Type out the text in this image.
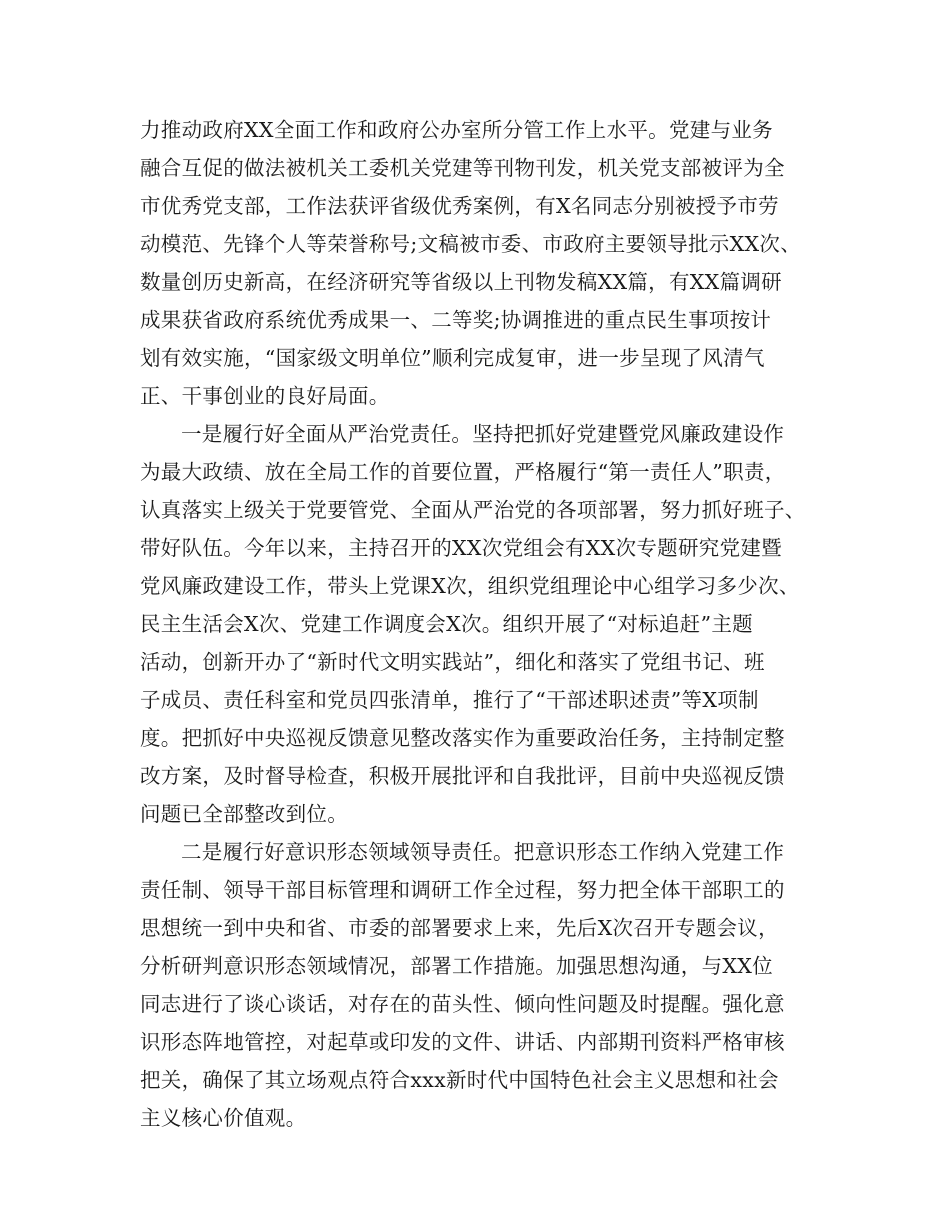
力推动政府XX全面工作和政府公办室所分管工作上水平。党建与业务
融合互促的做法被机关工委机关党建等刊物刊发，机关党支部被评为全
市优秀党支部，工作法获评省级优秀案例，有X名同志分别被授予市劳
动模范、先锋个人等荣誉称号;文稿被市委、市政府主要领导批示XX次、
数量创历史新高，在经济研究等省级以上刊物发稿XX篇，有XX篇调研
成果获省政府系统优秀成果一、二等奖;协调推进的重点民生事项按计
划有效实施，“国家级文明单位”顺利完成复审，进一步呈现了风清气
正、干事创业的良好局面。
一是履行好全面从严治党责任。坚持把抓好党建暨党风廉政建设作
为最大政绩、放在全局工作的首要位置，严格履行“第一责任人”职责，
认真落实上级关于党要管党、全面从严治党的各项部署，努力抓好班子、
带好队伍。今年以来，主持召开的XX次党组会有XX次专题研究党建暨
党风廉政建设工作，带头上党课X次，组织党组理论中心组学习多少次、
民主生活会X次、党建工作调度会X次。组织开展了“对标追赶”主题
活动，创新开办了“新时代文明实践站”，细化和落实了党组书记、班
子成员、责任科室和党员四张清单，推行了“干部述职述责”等X项制
度。把抓好中央巡视反馈意见整改落实作为重要政治任务，主持制定整
改方案，及时督导检查，积极开展批评和自我批评，目前中央巡视反馈
问题已全部整改到位。
二是履行好意识形态领域领导责任。把意识形态工作纳入党建工作
责任制、领导干部目标管理和调研工作全过程，努力把全体干部职工的
思想统一到中央和省、市委的部署要求上来，先后X次召开专题会议，
分析研判意识形态领域情况，部署工作措施。加强思想沟通，与XX位
同志进行了谈心谈话，对存在的苗头性、倾向性问题及时提醒。强化意
识形态阵地管控，对起草或印发的文件、讲话、内部期刊资料严格审核
把关，确保了其立场观点符合xxx新时代中国特色社会主义思想和社会
主义核心价值观。
